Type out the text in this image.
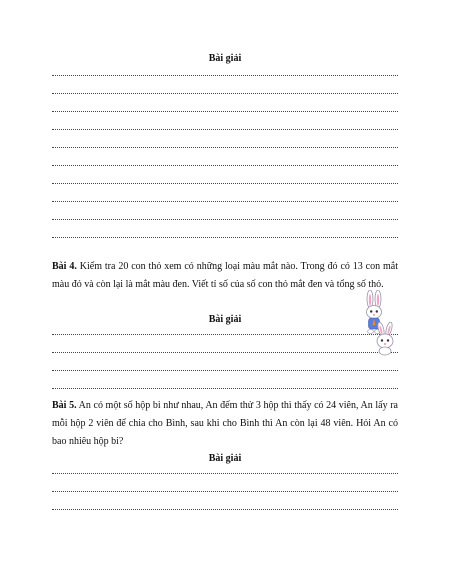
Bài giải
Bài 4. Kiểm tra 20 con thỏ xem có những loại màu mắt nào. Trong đó có 13 con mắt màu đỏ và còn lại là mắt màu đen. Viết tỉ số của số con thỏ mắt đen và tổng số thỏ.
Bài giải
Bài 5. An có một số hộp bi như nhau, An đếm thử 3 hộp thì thấy có 24 viên, An lấy ra mỗi hộp 2 viên để chia cho Bình, sau khi cho Bình thì An còn lại 48 viên. Hỏi An có bao nhiêu hộp bi?
Bài giải
